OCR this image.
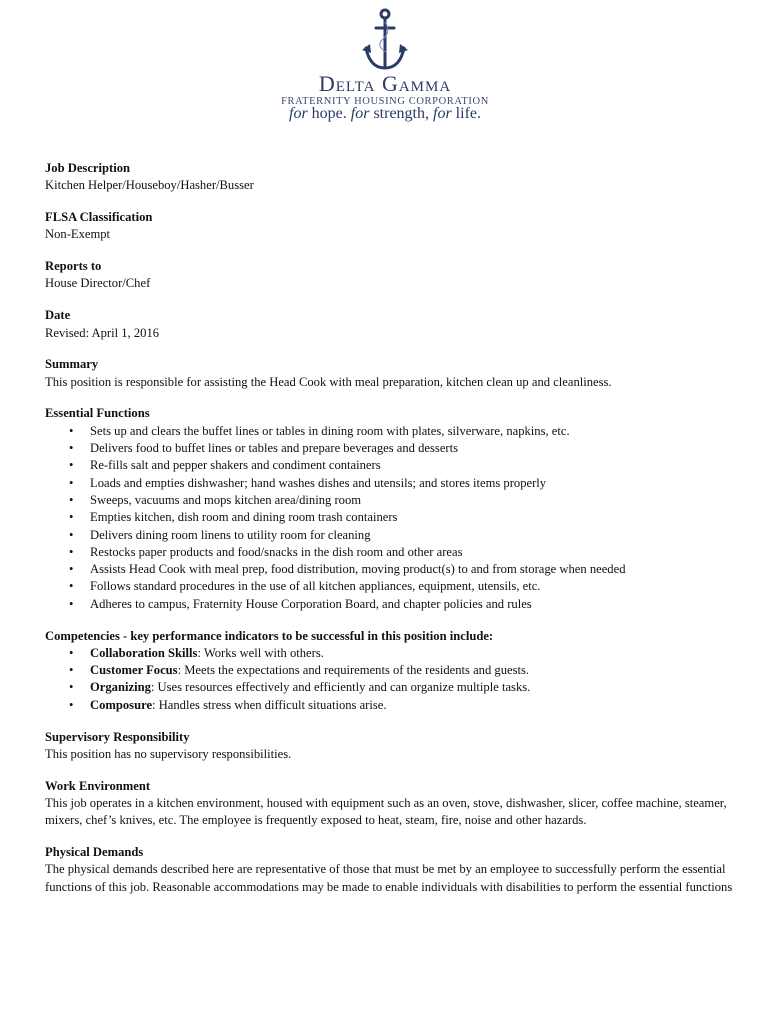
Delta Gamma
FRATERNITY HOUSING CORPORATION
for hope. for strength, for life.
Job Description
Kitchen Helper/Houseboy/Hasher/Busser
FLSA Classification
Non-Exempt
Reports to
House Director/Chef
Date
Revised: April 1, 2016
Summary
This position is responsible for assisting the Head Cook with meal preparation, kitchen clean up and cleanliness.
Essential Functions
• Sets up and clears the buffet lines or tables in dining room with plates, silverware, napkins, etc.
• Delivers food to buffet lines or tables and prepare beverages and desserts
• Re-fills salt and pepper shakers and condiment containers
• Loads and empties dishwasher; hand washes dishes and utensils; and stores items properly
• Sweeps, vacuums and mops kitchen area/dining room
• Empties kitchen, dish room and dining room trash containers
• Delivers dining room linens to utility room for cleaning
• Restocks paper products and food/snacks in the dish room and other areas
• Assists Head Cook with meal prep, food distribution, moving product(s) to and from storage when needed
• Follows standard procedures in the use of all kitchen appliances, equipment, utensils, etc.
• Adheres to campus, Fraternity House Corporation Board, and chapter policies and rules
Competencies - key performance indicators to be successful in this position include:
• Collaboration Skills: Works well with others.
• Customer Focus: Meets the expectations and requirements of the residents and guests.
• Organizing: Uses resources effectively and efficiently and can organize multiple tasks.
• Composure: Handles stress when difficult situations arise.
Supervisory Responsibility
This position has no supervisory responsibilities.
Work Environment
This job operates in a kitchen environment, housed with equipment such as an oven, stove, dishwasher, slicer, coffee machine, steamer, mixers, chef’s knives, etc. The employee is frequently exposed to heat, steam, fire, noise and other hazards.
Physical Demands
The physical demands described here are representative of those that must be met by an employee to successfully perform the essential functions of this job. Reasonable accommodations may be made to enable individuals with disabilities to perform the essential functions
